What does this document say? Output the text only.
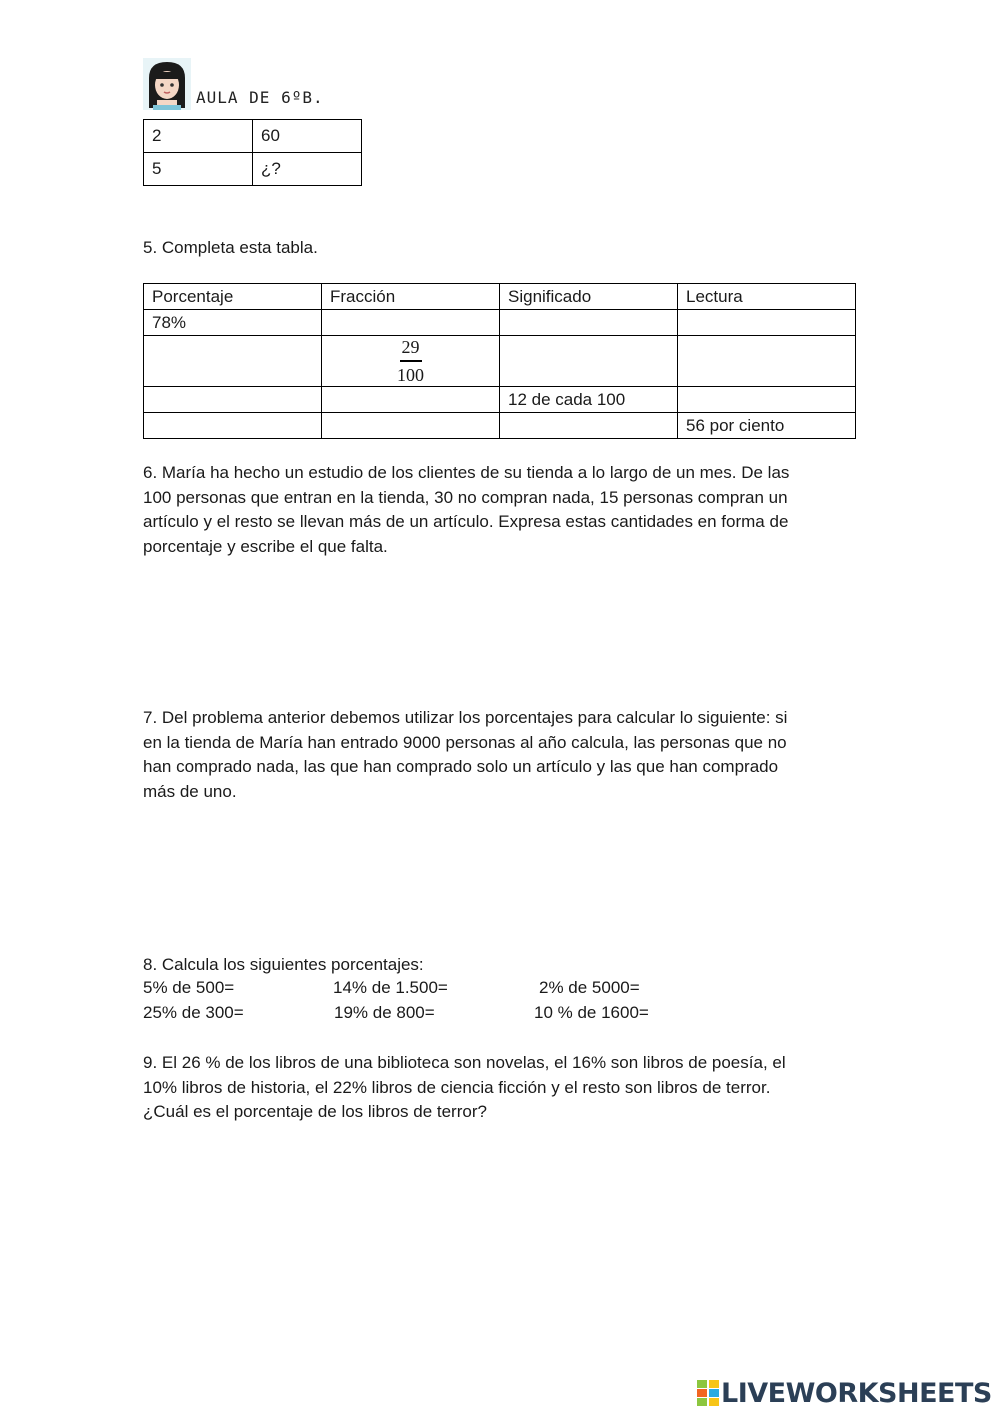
AULA DE 6ºB.
2	60
5	¿?
5. Completa esta tabla.
Porcentaje	Fracción	Significado	Lectura
78%			

	29
100		

		12 de cada 100	
			56 por ciento
6. María ha hecho un estudio de los clientes de su tienda a lo largo de un mes. De las
100 personas que entran en la tienda, 30 no compran nada, 15 personas compran un
artículo y el resto se llevan más de un artículo. Expresa estas cantidades en forma de
porcentaje y escribe el que falta.
7. Del problema anterior debemos utilizar los porcentajes para calcular lo siguiente: si
en la tienda de María han entrado 9000 personas al año calcula, las personas que no
han comprado nada, las que han comprado solo un artículo y las que han comprado
más de uno.
8. Calcula los siguientes porcentajes:
5% de 500=	14% de 1.500=	2% de 5000=
25% de 300=	19% de 800=	10 % de 1600=
9. El 26 % de los libros de una biblioteca son novelas, el 16% son libros de poesía, el
10% libros de historia, el 22% libros de ciencia ficción y el resto son libros de terror.
¿Cuál es el porcentaje de los libros de terror?
LIVEWORKSHEETS
